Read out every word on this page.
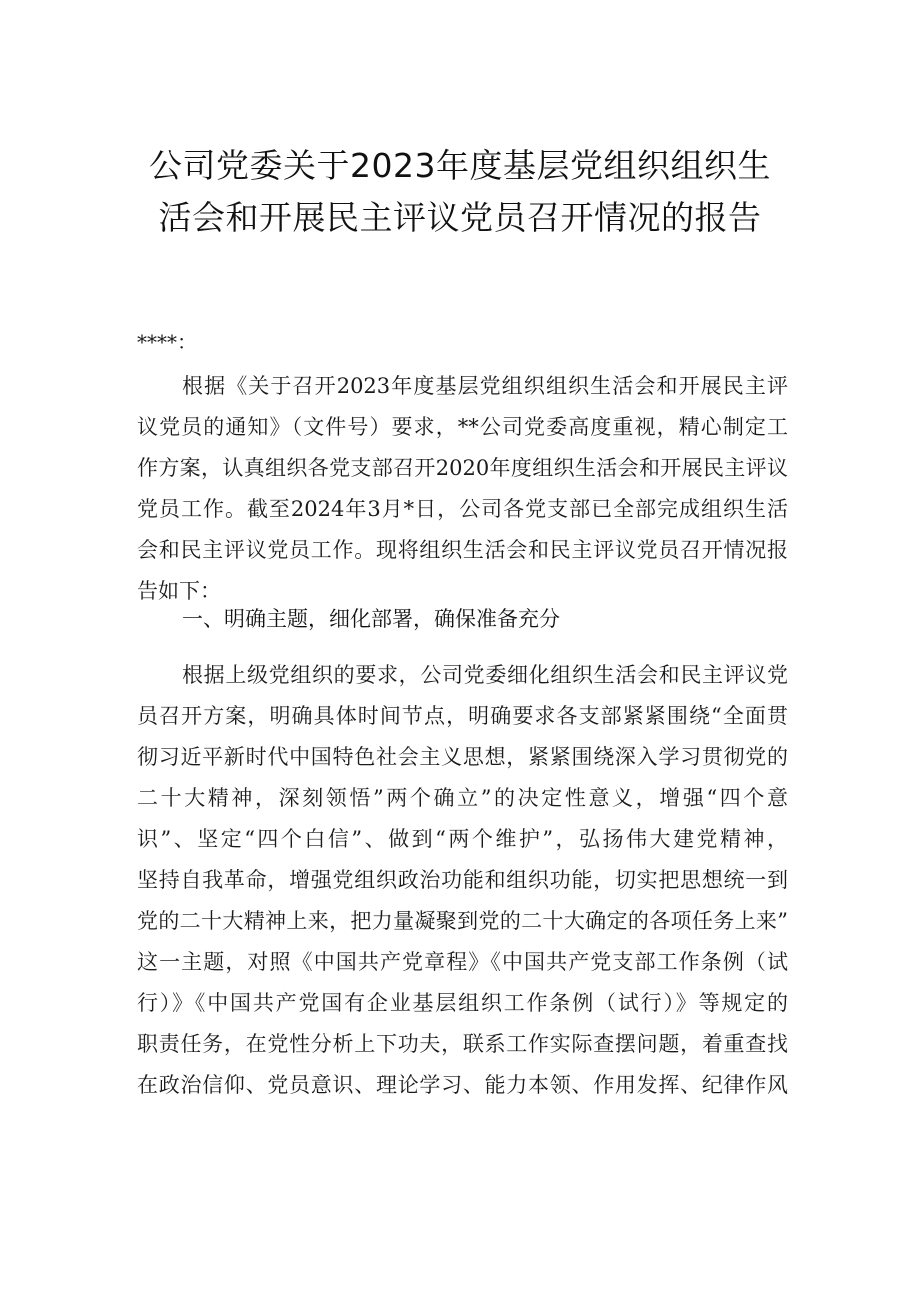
公司党委关于2023年度基层党组织组织生
活会和开展民主评议党员召开情况的报告
****：
根据《关于召开2023年度基层党组织组织生活会和开展民主评
议党员的通知》（文件号）要求，**公司党委高度重视，精心制定工
作方案，认真组织各党支部召开2020年度组织生活会和开展民主评议
党员工作。截至2024年3月*日，公司各党支部已全部完成组织生活
会和民主评议党员工作。现将组织生活会和民主评议党员召开情况报
告如下：
一、明确主题，细化部署，确保准备充分
根据上级党组织的要求，公司党委细化组织生活会和民主评议党
员召开方案，明确具体时间节点，明确要求各支部紧紧围绕“全面贯
彻习近平新时代中国特色社会主义思想，紧紧围绕深入学习贯彻党的
二十大精神，深刻领悟”两个确立”的决定性意义，增强“四个意
识”、坚定“四个白信”、做到“两个维护”，弘扬伟大建党精神，
坚持自我革命，增强党组织政治功能和组织功能，切实把思想统一到
党的二十大精神上来，把力量凝聚到党的二十大确定的各项任务上来”
这一主题，对照《中国共产党章程》《中国共产党支部工作条例（试
行）》《中国共产党国有企业基层组织工作条例（试行）》等规定的
职责任务，在党性分析上下功夫，联系工作实际查摆问题，着重查找
在政治信仰、党员意识、理论学习、能力本领、作用发挥、纪律作风
